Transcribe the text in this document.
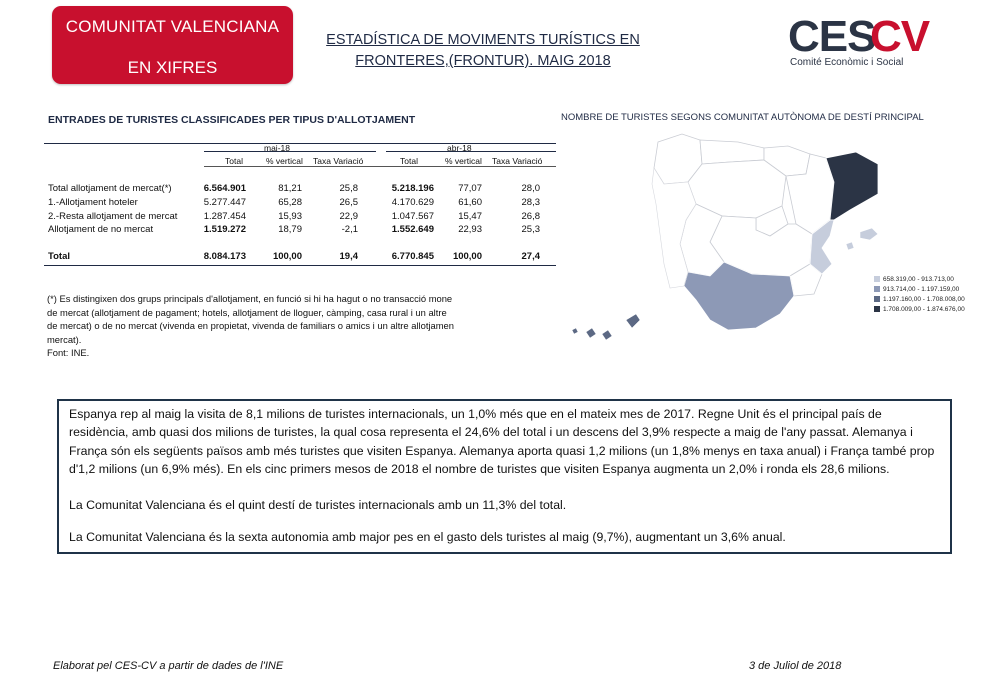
COMUNITAT VALENCIANA
EN XIFRES
ESTADÍSTICA DE MOVIMENTS TURÍSTICS EN
FRONTERES,(FRONTUR). MAIG 2018	CES
CV
Comité Econòmic i Social
ENTRADES DE TURISTES CLASSIFICADES PER TIPUS D'ALLOTJAMENT
mai-18	abr-18
Total	% vertical Taxa Variació	Total	% vertical Taxa Variació
Total allotjament de mercat(*)	6.564.901	81,21	25,8	5.218.196	77,07	28,0
1.-Allotjament hoteler	5.277.447	65,28	26,5	4.170.629	61,60	28,3
2.-Resta allotjament de mercat	1.287.454	15,93	22,9	1.047.567	15,47	26,8
Allotjament de no mercat	1.519.272	18,79	-2,1	1.552.649	22,93	25,3
Total	8.084.173	100,00	19,4	6.770.845	100,00	27,4
(*) Es distingixen dos grups principals d'allotjament, en funció si hi ha hagut o no transacció mone
de mercat (allotjament de pagament; hotels, allotjament de lloguer, càmping, casa rural i un altre
de mercat) o de no mercat (vivenda en propietat, vivenda de familiars o amics i un altre allotjamen
mercat).
Font: INE.
NOMBRE DE TURISTES SEGONS COMUNITAT AUTÒNOMA DE DESTÍ PRINCIPAL
658.319,00 - 913.713,00
913.714,00 - 1.197.159,00
1.197.160,00 - 1.708.008,00
1.708.009,00 - 1.874.676,00

Espanya rep al maig la visita de 8,1 milions de turistes internacionals, un 1,0% més que en el mateix mes de 2017. Regne Unit és el principal país de residència, amb quasi dos milions de turistes, la qual cosa representa el 24,6% del total i un descens del 3,9% respecte a maig de l'any passat. Alemanya i França són els següents països amb més turistes que visiten Espanya. Alemanya aporta quasi 1,2 milions (un 1,8% menys en taxa anual) i França també prop d'1,2 milions (un 6,9% més). En els cinc primers mesos de 2018 el nombre de turistes que visiten Espanya augmenta un 2,0% i ronda els 28,6 milions.

La Comunitat Valenciana és el quint destí de turistes internacionals amb un 11,3% del total.

La Comunitat Valenciana és la sexta autonomia amb major pes en el gasto dels turistes al maig (9,7%), augmentant un 3,6% anual.

Elaborat pel CES-CV a partir de dades de l'INE	3 de Juliol de 2018
